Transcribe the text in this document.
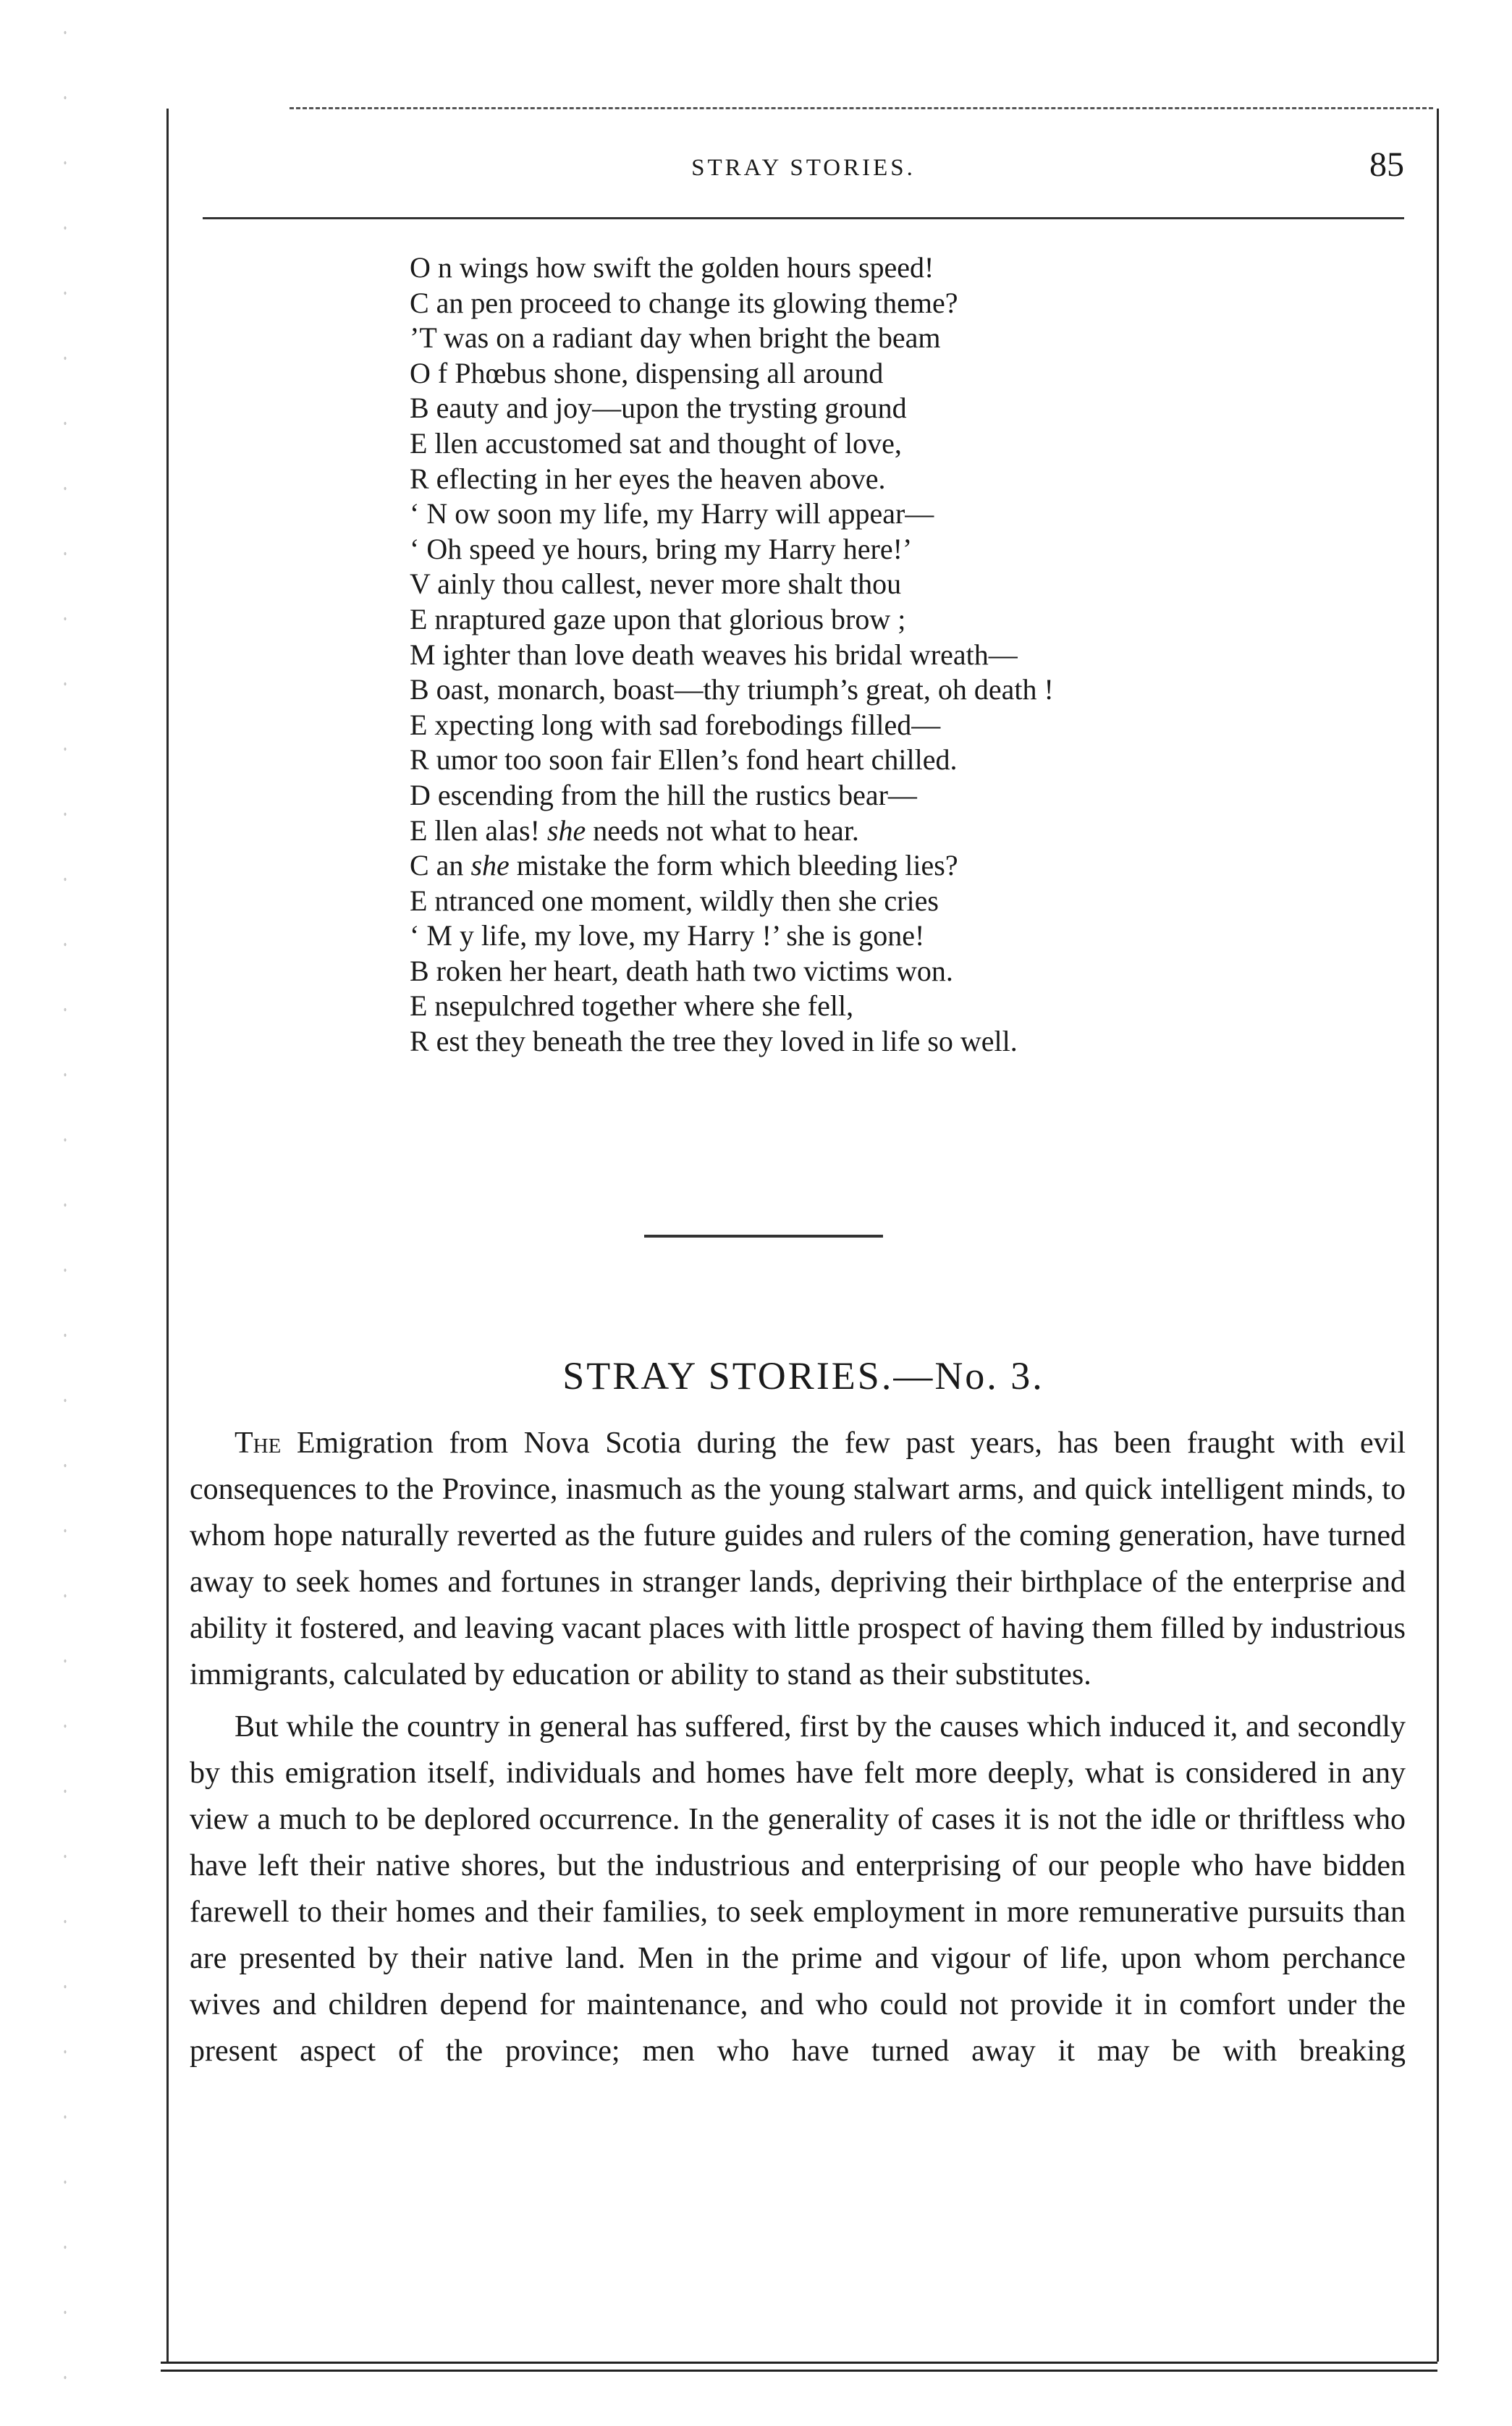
STRAY STORIES.	85
O n wings how swift the golden hours speed!
C an pen proceed to change its glowing theme?
’T was on a radiant day when bright the beam
O f Phœbus shone, dispensing all around
B eauty and joy—upon the trysting ground
E llen accustomed sat and thought of love,
R eflecting in her eyes the heaven above.
‘ N ow soon my life, my Harry will appear—
‘ Oh speed ye hours, bring my Harry here!’
V ainly thou callest, never more shalt thou
E nraptured gaze upon that glorious brow ;
M ighter than love death weaves his bridal wreath—
B oast, monarch, boast—thy triumph’s great, oh death !
E xpecting long with sad forebodings filled—
R umor too soon fair Ellen’s fond heart chilled.
D escending from the hill the rustics bear—
E llen alas! she needs not what to hear.
C an she mistake the form which bleeding lies?
E ntranced one moment, wildly then she cries
‘ M y life, my love, my Harry !’ she is gone!
B roken her heart, death hath two victims won.
E nsepulchred together where she fell,
R est they beneath the tree they loved in life so well.
STRAY STORIES.—No. 3.

The Emigration from Nova Scotia during the few past years, has been fraught with evil consequences to the Province, inasmuch as the young stalwart arms, and quick intelligent minds, to whom hope naturally reverted as the future guides and rulers of the coming generation, have turned away to seek homes and fortunes in stranger lands, depriving their birthplace of the enterprise and ability it fostered, and leaving vacant places with little prospect of having them filled by industrious immigrants, calculated by education or ability to stand as their substitutes.

But while the country in general has suffered, first by the causes which induced it, and secondly by this emigration itself, individuals and homes have felt more deeply, what is considered in any view a much to be deplored occurrence. In the generality of cases it is not the idle or thriftless who have left their native shores, but the industrious and enterprising of our people who have bidden farewell to their homes and their families, to seek employment in more remunerative pursuits than are presented by their native land. Men in the prime and vigour of life, upon whom perchance wives and children depend for maintenance, and who could not provide it in comfort under the present aspect of the province; men who have turned away it may be with breaking
